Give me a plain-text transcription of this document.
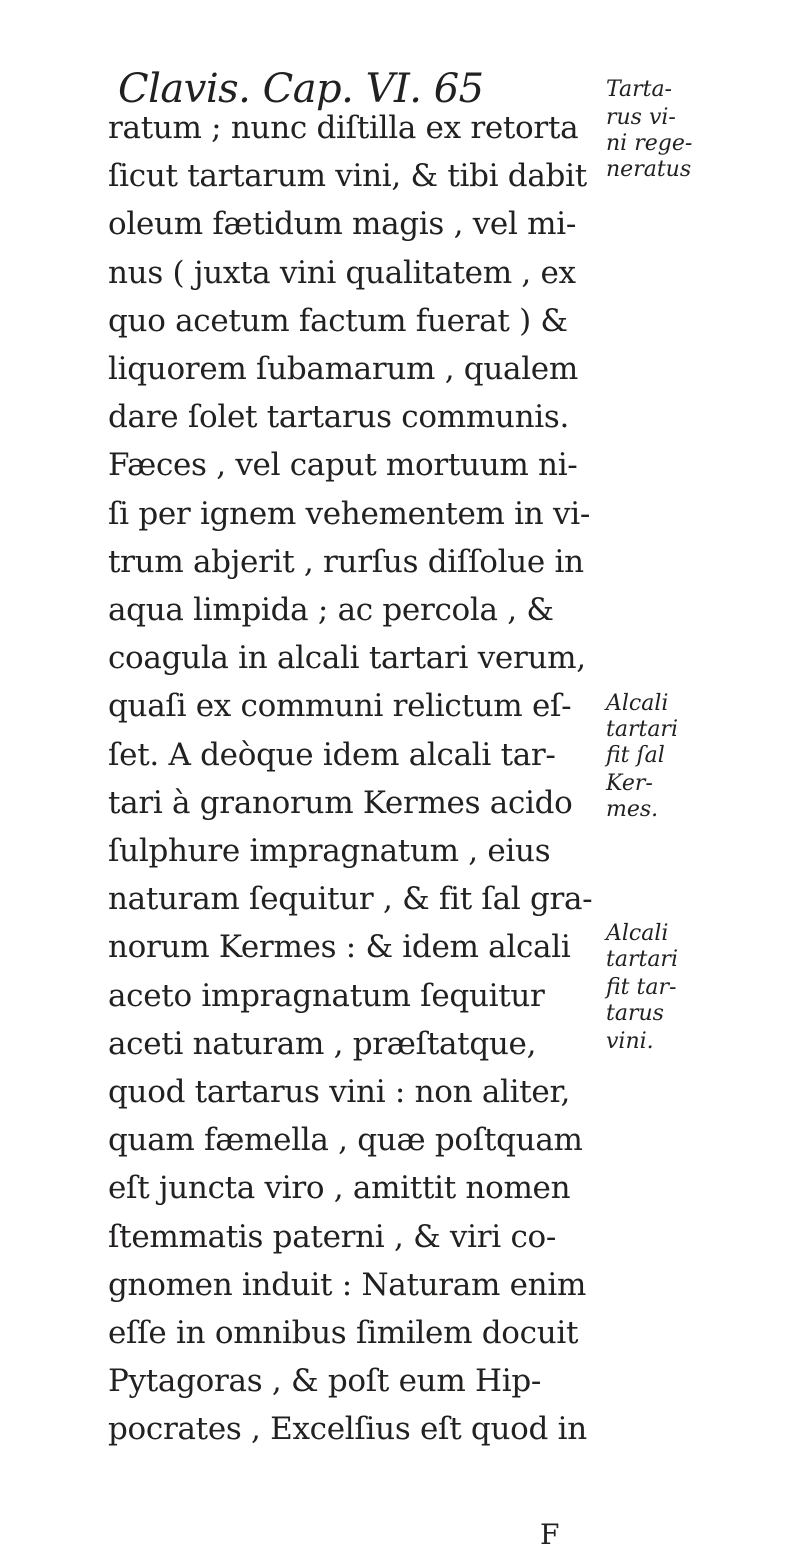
Clavis. Cap. VI. 65
ratum ; nunc diſtilla ex retorta
ſicut tartarum vini, & tibi dabit
oleum fætidum magis , vel mi-
nus ( juxta vini qualitatem , ex
quo acetum factum fuerat ) &
liquorem ſubamarum , qualem
dare ſolet tartarus communis.
Fæces , vel caput mortuum ni-
ſi per ignem vehementem in vi-
trum abjerit , rurſus diſſolue in
aqua limpida ; ac percola , &
coagula in alcali tartari verum,
quaſi ex communi relictum eſ-
ſet. A deòque idem alcali tar-
tari à granorum Kermes acido
ſulphure impragnatum , eius
naturam ſequitur , & fit ſal gra-
norum Kermes : & idem alcali
aceto impragnatum ſequitur
aceti naturam , præſtatque,
quod tartarus vini : non aliter,
quam fæmella , quæ poſtquam
eſt juncta viro , amittit nomen
ſtemmatis paterni , & viri co-
gnomen induit : Naturam enim
eſſe in omnibus ſimilem docuit
Pytagoras , & poſt eum Hip-
pocrates , Excelſius eſt quod in
Tarta-
rus vi-
ni rege-
neratus
Alcali
tartari
fit ſal
Ker-
mes.
Alcali
tartari
fit tar-
tarus
vini.
F
